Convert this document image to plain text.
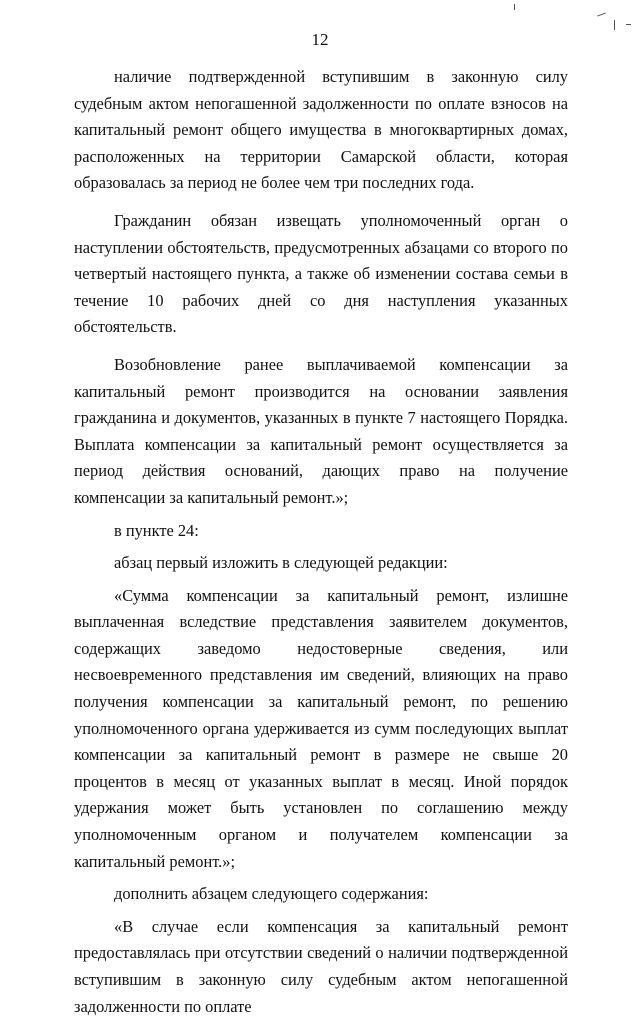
12

наличие подтвержденной вступившим в законную силу судебным актом непогашенной задолженности по оплате взносов на капитальный ремонт общего имущества в многоквартирных домах, расположенных на территории Самарской области, которая образовалась за период не более чем три последних года.

Гражданин обязан извещать уполномоченный орган о наступлении обстоятельств, предусмотренных абзацами со второго по четвертый настоящего пункта, а также об изменении состава семьи в течение 10 рабочих дней со дня наступления указанных обстоятельств.

Возобновление ранее выплачиваемой компенсации за капитальный ремонт производится на основании заявления гражданина и документов, указанных в пункте 7 настоящего Порядка. Выплата компенсации за капитальный ремонт осуществляется за период действия оснований, дающих право на получение компенсации за капитальный ремонт.»;

в пункте 24:

абзац первый изложить в следующей редакции:

«Сумма компенсации за капитальный ремонт, излишне выплаченная вследствие представления заявителем документов, содержащих заведомо недостоверные сведения, или несвоевременного представления им сведений, влияющих на право получения компенсации за капитальный ремонт, по решению уполномоченного органа удерживается из сумм последующих выплат компенсации за капитальный ремонт в размере не свыше 20 процентов в месяц от указанных выплат в месяц. Иной порядок удержания может быть установлен по соглашению между уполномоченным органом и получателем компенсации за капитальный ремонт.»;

дополнить абзацем следующего содержания:

«В случае если компенсация за капитальный ремонт предоставлялась при отсутствии сведений о наличии подтвержденной вступившим в законную силу судебным актом непогашенной задолженности по оплате
